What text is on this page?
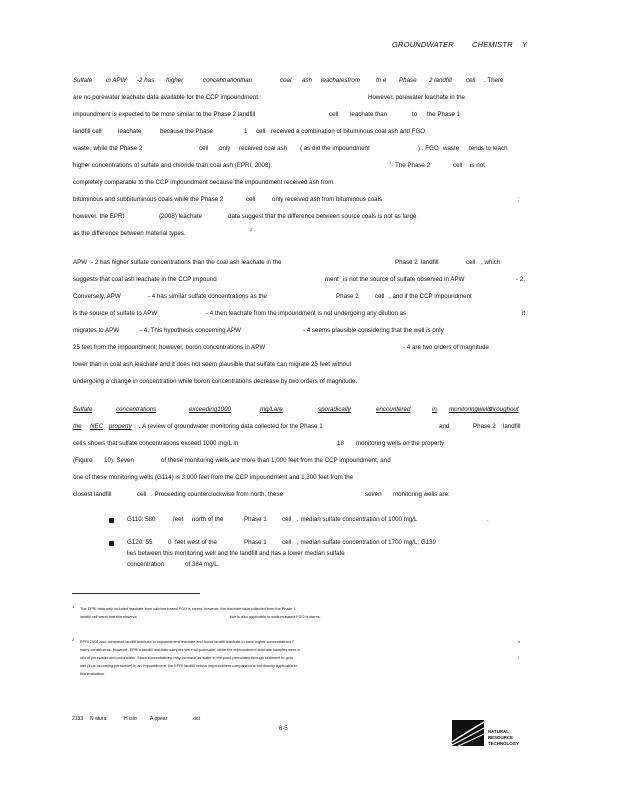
GROUNDWATER CHEMISTR Y
Sulfate in APW -2 has higher	concentrationthan	coal ash leachatesfrom	th e Phase 2 landfill cell . There
are no porewater leachate data available for the CCP impoundment.	However, porewater leachate in the
impoundment is expected to be more similar to the Phase 2 landfill	cell leachate than	to the Phase 1
landfill cell	leachate	because the Phase	1 cell received a combination of bituminous coal ash and FGO
waste , while the Phase 2	cell only received coal ash ( as did the impoundment	) . FGO waste tends to leach
higher concentrations of sulfate and chloride than coal ash (EPRI, 2008).	1 The Phase 2	cell is not
completely comparable to the CCP impoundment because the impoundment received ash from
bituminous and subbituminous coals while the Phase 2	cell	only received ash from bituminous coals	;
however, the EPRI	(2008) leachate	data suggest that the difference between source coals is not as large
as the difference between material types.
2
APW - 2 has higher sulfate concentrations than the coal ash leachate in the	Phase 2 landfill	cell , which
suggests that coal ash leachate in the CCP impound	ment is not the source of sulfate observed in APW	- 2.
Conversely, APW	- 4 has similar sulfate concentrations as the	Phase 2	cell , and if the CCP impoundment
is the source of sulfate to APW	- 4 then leachate from the impoundment is not undergoing any dilution as	it
migrates to APW	- 4. This hypothesis concerning APW	- 4 seems plausible considering that the well is only
25 feet from the impoundment; however, boron concentrations in APW	- 4 are two orders of magnitude
lower than in coal ash leachate and it does not seem plausible that sulfate can migrate 25 feet without
undergoing a change in concentration while boron concentrations decrease by two orders of magnitude.
Sulfate	concentrations	exceeding1000	mg/Lare	sporadically	encountered	in monitoringwells
throughout
the NEC property . A review of groundwater monitoring data collected for the Phase 1	and	Phase 2 landfill
cell s shows that sulfate concentrations exceed 1000 mg/L in	18 monitorin g wells on the property
(Figure 10). Seven	of these monitoring wells are more than 1,000 feet from the CCP impoundment, and
one of these monitoring wells (G114) is 3,000 feet from the CCP impoundment and 1,300 feet from the
closest landfill	cell . Proceeding counterclockwise from north, these	seven monitoring wells are:
G110: 580	feet north of the	Phase 1 cell , median sulfate concentration of 1000 mg/L	.
G120: 55	0 feet west of the	Phase 1 cell , median sulfate concentration of 1700 mg/L; G139
lies between this monitoring well and the landfill and has a lower median sulfate
concentration	of 384 mg/L.
1 The EPRI data only included leachate from calcium-based FGO is sterns; however, the leachate data collected from the Phase 1
landfill cell wentt that this observa	tion is also applicable to sodium-based FGO is sterns.
2 EPRI 2008 also compared landfill leachate to impoundment leachate and found landfill leachate to have higher concentrations f	o
many constituents. However, EPRI's landfill leachate samples were all porewater, while the impoundment leachate samples were a
mix of porewater and pond water. Since concentrations may increase as water in the pond percolates through sediment to grou	i
ash (thus becoming porewater) in an impoundment, the EPRI landfill versus impoundment comparison is not directly applicable to
this evaluation.
2133 N atura	H isto	A ppear	.ocr
6-5	NATURAL
RESOURCE
TECHNOLOGY
